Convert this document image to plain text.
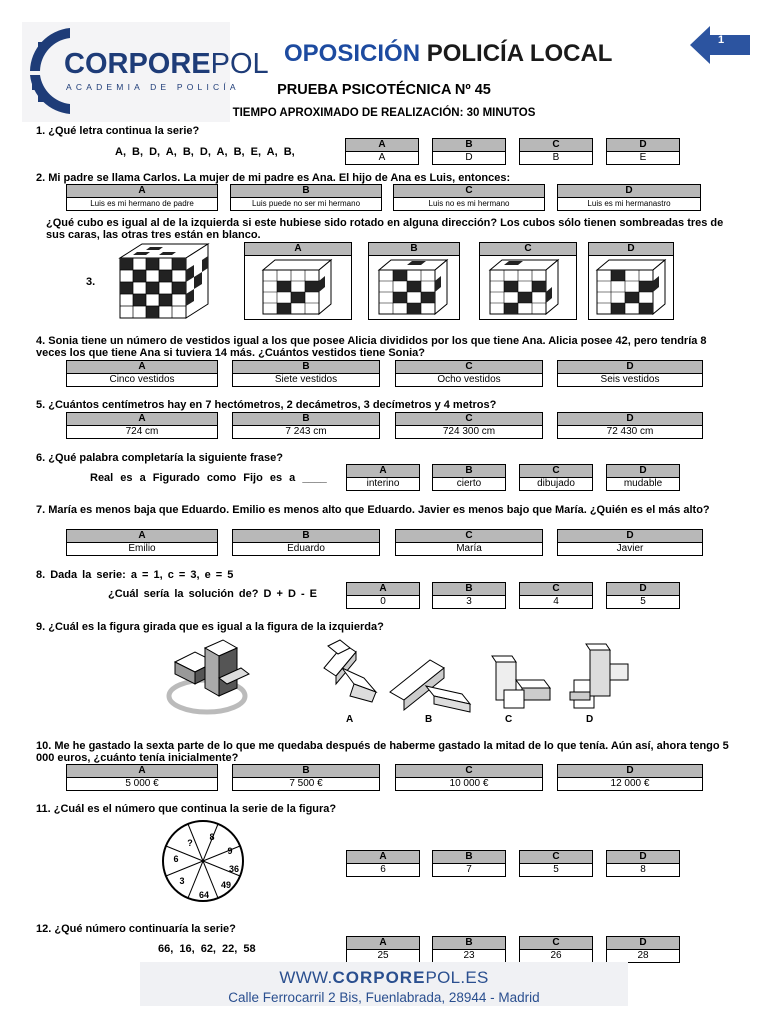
CORPOREPOL
ACADEMIA DE POLICÍA
OPOSICIÓN POLICÍA LOCAL	1
PRUEBA PSICOTÉCNICA Nº 45
TIEMPO APROXIMADO DE REALIZACIÓN: 30 MINUTOS
1. ¿Qué letra continua la serie?
A, B, D, A, B, D, A, B, E, A, B,
A
A
B
D
C
B
D
E
2. Mi padre se llama Carlos. La mujer de mi padre es Ana. El hijo de Ana es Luis, entonces:
A
Luis es mi hermano de padre
B
Luis puede no ser mi hermano
C
Luis no es mi hermano
D
Luis es mi hermanastro
¿Qué cubo es igual al de la izquierda si este hubiese sido rotado en alguna dirección? Los cubos sólo tienen sombreadas tres de sus caras, las otras tres están en blanco.
3.
A	B	C	D
4. Sonia tiene un número de vestidos igual a los que posee Alicia divididos por los que tiene Ana. Alicia posee 42, pero tendría 8 veces los que tiene Ana si tuviera 14 más. ¿Cuántos vestidos tiene Sonia?
A
Cinco vestidos
B
Siete vestidos
C
Ocho vestidos
D
Seis vestidos
5. ¿Cuántos centímetros hay en 7 hectómetros, 2 decámetros, 3 decímetros y 4 metros?
A
724 cm
B
7 243 cm
C
724 300 cm
D
72 430 cm
6. ¿Qué palabra completaría la siguiente frase?
Real es a Figurado como Fijo es a ____
A
interino
B
cierto
C
dibujado
D
mudable
7. María es menos baja que Eduardo. Emilio es menos alto que Eduardo. Javier es menos bajo que María. ¿Quién es el más alto?
A
Emilio
B
Eduardo
C
María
D
Javier
8. Dada la serie: a = 1, c = 3, e = 5
¿Cuál sería la solución de? D + D - E	A
0
B
3
C
4
D
5
9. ¿Cuál es la figura girada que es igual a la figura de la izquierda?
A	B	C	D
10. Me he gastado la sexta parte de lo que me quedaba después de haberme gastado la mitad de lo que tenía. Aún así, ahora tengo 5 000 euros, ¿cuánto tenía inicialmente?
A
5 000 €
B
7 500 €
C
10 000 €
D
12 000 €
11. ¿Cuál es el número que continua la serie de la figura?
?
8
9
36
49
64
3
6	A
6
B
7
C
5
D
8
12. ¿Qué número continuaría la serie?
66, 16, 62, 22, 58
A
25
B
23
C
26
D
28
WWW.CORPOREPOL.ES
Calle Ferrocarril 2 Bis, Fuenlabrada, 28944 - Madrid
